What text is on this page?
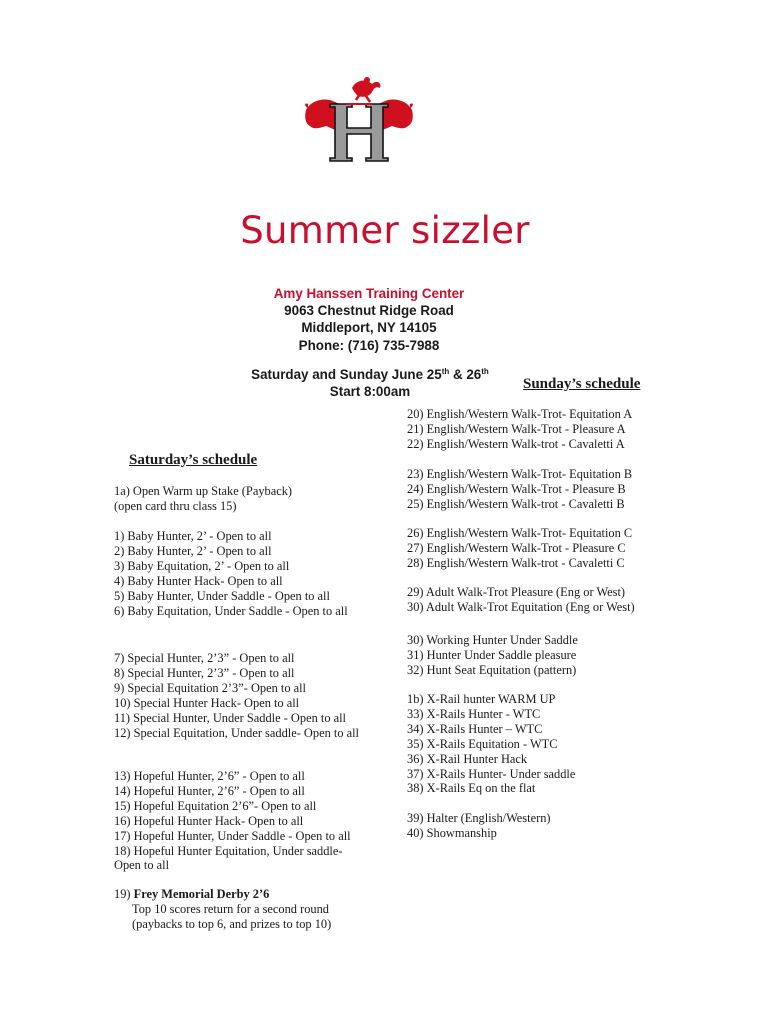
Summer sizzler
Amy Hanssen Training Center
9063 Chestnut Ridge Road
Middleport, NY 14105
Phone: (716) 735-7988
Saturday and Sunday June 25th & 26th
Start 8:00am	Sunday’s schedule
Saturday’s schedule
1a) Open Warm up Stake (Payback)
(open card thru class 15)
1) Baby Hunter, 2’ - Open to all
2) Baby Hunter, 2’ - Open to all
3) Baby Equitation, 2’ - Open to all
4) Baby Hunter Hack- Open to all
5) Baby Hunter, Under Saddle - Open to all
6) Baby Equitation, Under Saddle - Open to all
7) Special Hunter, 2’3” - Open to all
8) Special Hunter, 2’3” - Open to all
9) Special Equitation 2’3”- Open to all
10) Special Hunter Hack- Open to all
11) Special Hunter, Under Saddle - Open to all
12) Special Equitation, Under saddle- Open to all
13) Hopeful Hunter, 2’6” - Open to all
14) Hopeful Hunter, 2’6” - Open to all
15) Hopeful Equitation 2’6”- Open to all
16) Hopeful Hunter Hack- Open to all
17) Hopeful Hunter, Under Saddle - Open to all
18) Hopeful Hunter Equitation, Under saddle-
Open to all
19) Frey Memorial Derby 2’6
Top 10 scores return for a second round
(paybacks to top 6, and prizes to top 10)
20) English/Western Walk-Trot- Equitation A
21) English/Western Walk-Trot - Pleasure A
22) English/Western Walk-trot - Cavaletti A
23) English/Western Walk-Trot- Equitation B
24) English/Western Walk-Trot - Pleasure B
25) English/Western Walk-trot - Cavaletti B
26) English/Western Walk-Trot- Equitation C
27) English/Western Walk-Trot - Pleasure C
28) English/Western Walk-trot - Cavaletti C
29) Adult Walk-Trot Pleasure (Eng or West)
30) Adult Walk-Trot Equitation (Eng or West)
30) Working Hunter Under Saddle
31) Hunter Under Saddle pleasure
32) Hunt Seat Equitation (pattern)
1b) X-Rail hunter WARM UP
33) X-Rails Hunter - WTC
34) X-Rails Hunter – WTC
35) X-Rails Equitation - WTC
36) X-Rail Hunter Hack
37) X-Rails Hunter- Under saddle
38) X-Rails Eq on the flat
39) Halter (English/Western)
40) Showmanship
